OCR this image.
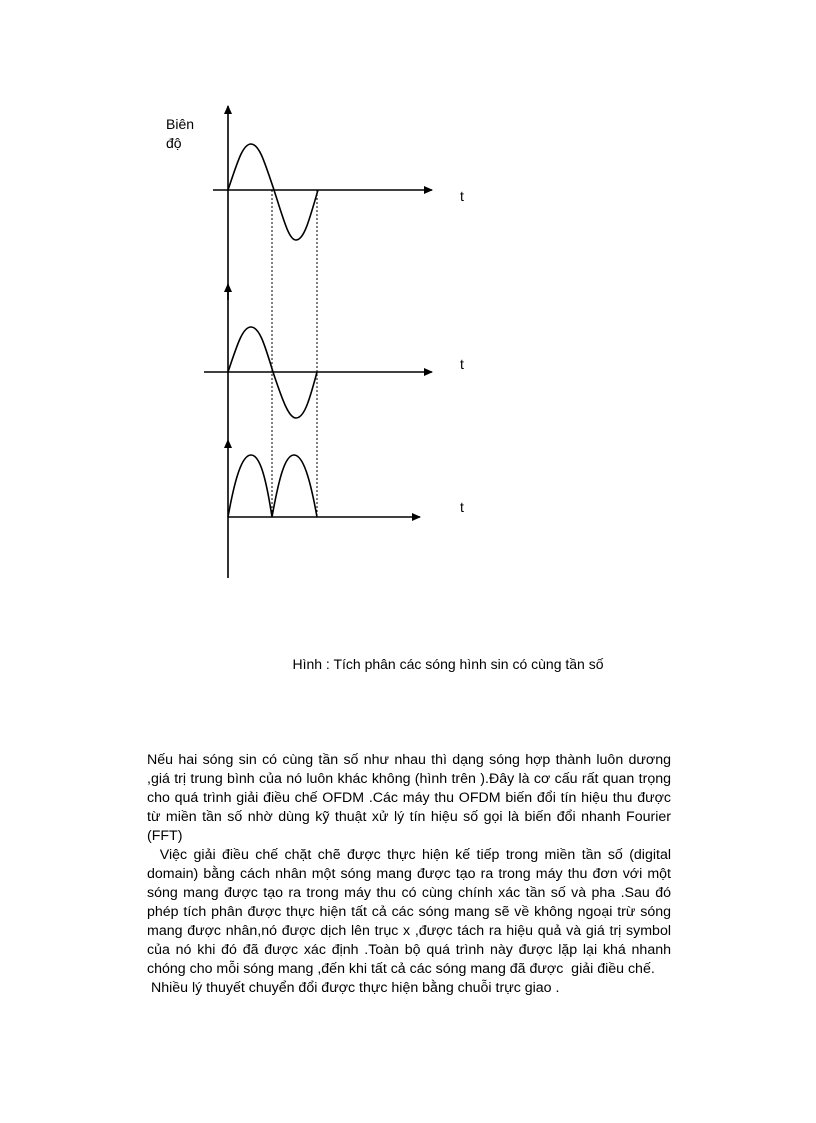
Biên
độ
t
t
t
Hình : Tích phân các sóng hình sin có cùng tần số

Nếu hai sóng sin có cùng tần số như nhau thì dạng sóng hợp thành luôn dương ,giá trị trung bình của nó luôn khác không (hình trên ).Đây là cơ cấu rất quan trọng cho quá trình giải điều chế OFDM .Các máy thu OFDM biến đổi tín hiệu thu được từ miền tần số nhờ dùng kỹ thuật xử lý tín hiệu số gọi là biến đổi nhanh Fourier (FFT)

Việc giải điều chế chặt chẽ được thực hiện kế tiếp trong miền tần số (digital domain) bằng cách nhân một sóng mang được tạo ra trong máy thu đơn với một sóng mang được tạo ra trong máy thu có cùng chính xác tần số và pha .Sau đó phép tích phân được thực hiện tất cả các sóng mang sẽ về không ngoại trừ sóng mang được nhân,nó được dịch lên trục x ,được tách ra hiệu quả và giá trị symbol của nó khi đó đã được xác định .Toàn bộ quá trình này được lặp lại khá nhanh chóng cho mỗi sóng mang ,đến khi tất cả các sóng mang đã được  giải điều chế.

Nhiều lý thuyết chuyển đổi được thực hiện bằng chuỗi trực giao .
